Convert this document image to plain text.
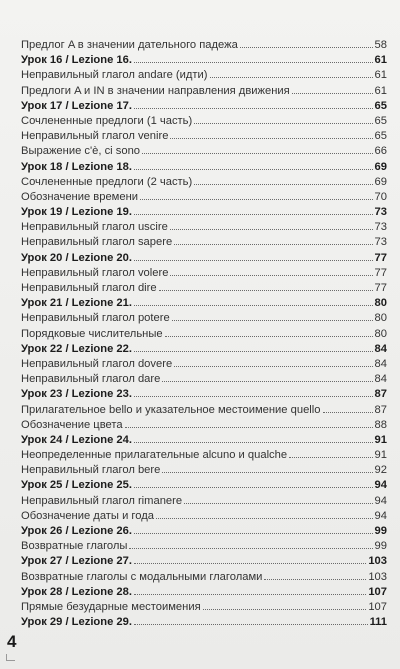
Предлог A в значении дательного падежа	58
Урок 16 / Lezione 16.	61
Неправильный глагол andare (идти)	61
Предлоги A и IN в значении направления движения	61
Урок 17 / Lezione 17.	65
Сочлененные предлоги (1 часть)	65
Неправильный глагол venire	65
Выражение c'è, ci sono	66
Урок 18 / Lezione 18.	69
Сочлененные предлоги (2 часть)	69
Обозначение времени	70
Урок 19 / Lezione 19.	73
Неправильный глагол uscire	73
Неправильный глагол sapere	73
Урок 20 / Lezione 20.	77
Неправильный глагол volere	77
Неправильный глагол dire	77
Урок 21 / Lezione 21.	80
Неправильный глагол potere	80
Порядковые числительные	80
Урок 22 / Lezione 22.	84
Неправильный глагол dovere	84
Неправильный глагол dare	84
Урок 23 / Lezione 23.	87
Прилагательное bello и указательное местоимение quello	87
Обозначение цвета	88
Урок 24 / Lezione 24.	91
Неопределенные прилагательные alcuno и qualche	91
Неправильный глагол bere	92
Урок 25 / Lezione 25.	94
Неправильный глагол rimanere	94
Обозначение даты и года	94
Урок 26 / Lezione 26.	99
Возвратные глаголы	99
Урок 27 / Lezione 27.	103
Возвратные глаголы с модальными глаголами	103
Урок 28 / Lezione 28.	107
Прямые безударные местоимения	107
Урок 29 / Lezione 29.	111
4
